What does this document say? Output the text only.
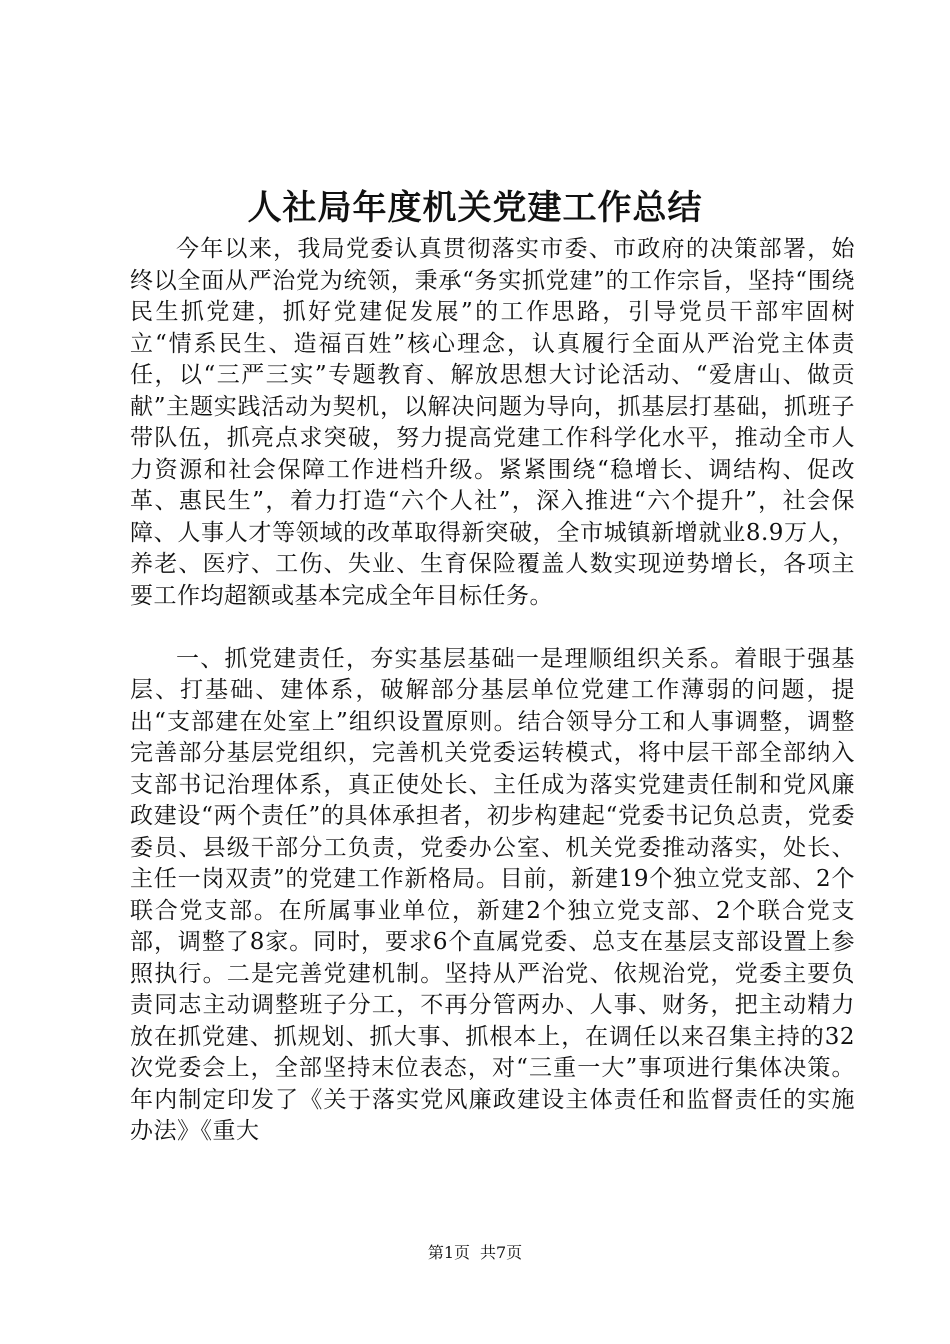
人社局年度机关党建工作总结

今年以来，我局党委认真贯彻落实市委、市政府的决策部署，始终以全面从严治党为统领，秉承“务实抓党建”的工作宗旨，坚持“围绕民生抓党建，抓好党建促发展”的工作思路，引导党员干部牢固树立“情系民生、造福百姓”核心理念，认真履行全面从严治党主体责任，以“三严三实”专题教育、解放思想大讨论活动、“爱唐山、做贡献”主题实践活动为契机，以解决问题为导向，抓基层打基础，抓班子带队伍，抓亮点求突破，努力提高党建工作科学化水平，推动全市人力资源和社会保障工作进档升级。紧紧围绕“稳增长、调结构、促改革、惠民生”，着力打造“六个人社”，深入推进“六个提升”，社会保障、人事人才等领域的改革取得新突破，全市城镇新增就业8.9万人，养老、医疗、工伤、失业、生育保险覆盖人数实现逆势增长，各项主要工作均超额或基本完成全年目标任务。

一、抓党建责任，夯实基层基础一是理顺组织关系。着眼于强基层、打基础、建体系，破解部分基层单位党建工作薄弱的问题，提出“支部建在处室上”组织设置原则。结合领导分工和人事调整，调整完善部分基层党组织，完善机关党委运转模式，将中层干部全部纳入支部书记治理体系，真正使处长、主任成为落实党建责任制和党风廉政建设“两个责任”的具体承担者，初步构建起“党委书记负总责，党委委员、县级干部分工负责，党委办公室、机关党委推动落实，处长、主任一岗双责”的党建工作新格局。目前，新建19个独立党支部、2个联合党支部。在所属事业单位，新建2个独立党支部、2个联合党支部，调整了8家。同时，要求6个直属党委、总支在基层支部设置上参照执行。二是完善党建机制。坚持从严治党、依规治党，党委主要负责同志主动调整班子分工，不再分管两办、人事、财务，把主动精力放在抓党建、抓规划、抓大事、抓根本上，在调任以来召集主持的32次党委会上，全部坚持末位表态，对“三重一大”事项进行集体决策。年内制定印发了《关于落实党风廉政建设主体责任和监督责任的实施办法》《重大

第1页 共7页
